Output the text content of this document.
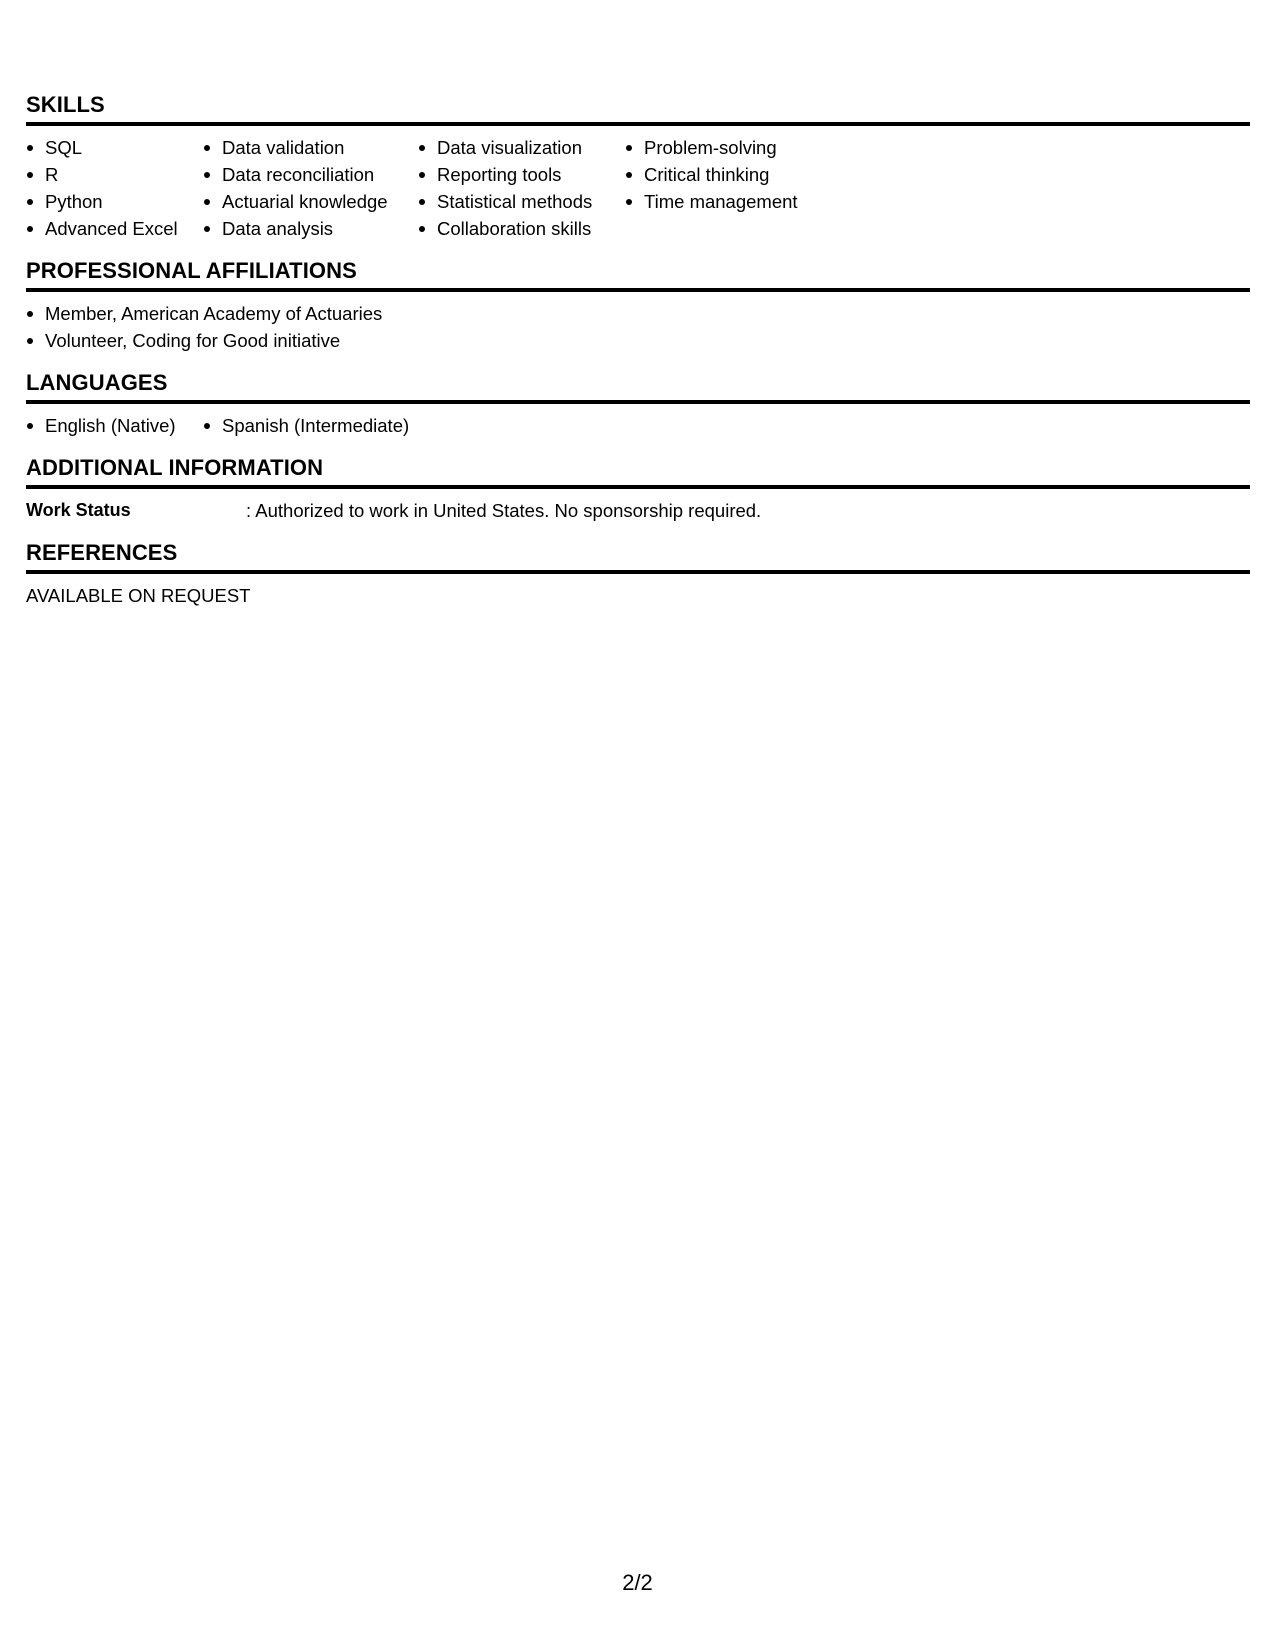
SKILLS
SQL
R
Python
Advanced Excel
Data validation
Data reconciliation
Actuarial knowledge
Data analysis
Data visualization
Reporting tools
Statistical methods
Collaboration skills
Problem-solving
Critical thinking
Time management
PROFESSIONAL AFFILIATIONS
Member, American Academy of Actuaries
Volunteer, Coding for Good initiative
LANGUAGES
English (Native)	Spanish (Intermediate)
ADDITIONAL INFORMATION
Work Status	: Authorized to work in United States. No sponsorship required.
REFERENCES
AVAILABLE ON REQUEST
2/2
